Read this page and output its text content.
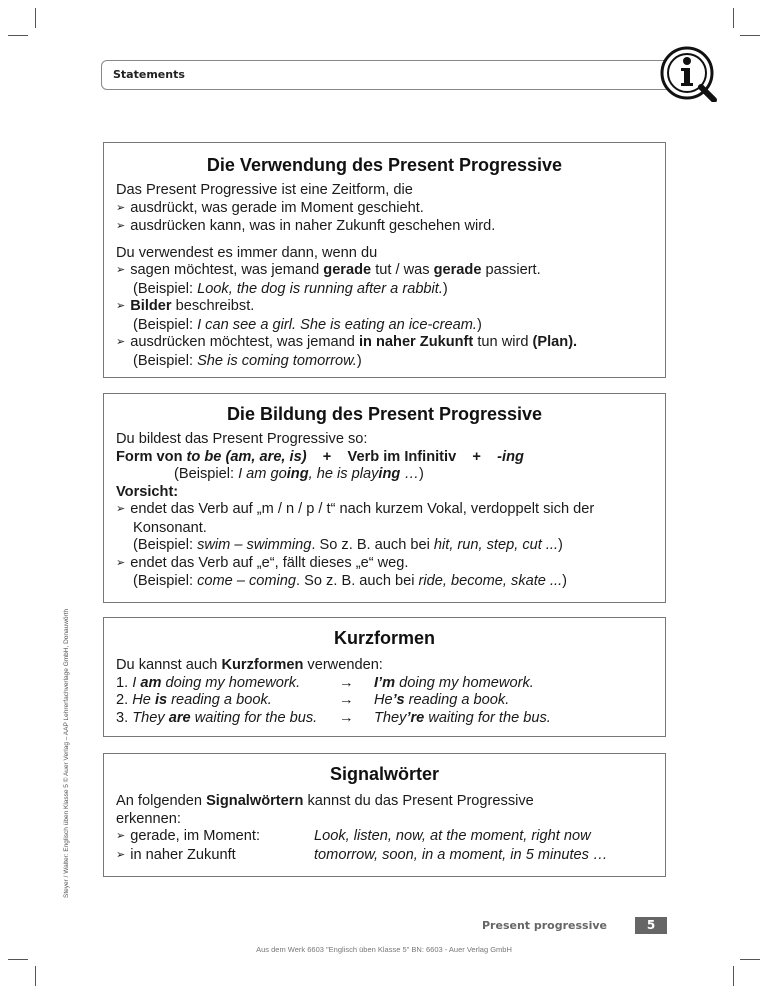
Statements
Die Verwendung des Present Progressive
Das Present Progressive ist eine Zeitform, die
➢ ausdrückt, was gerade im Moment geschieht.
➢ ausdrücken kann, was in naher Zukunft geschehen wird.
Du verwendest es immer dann, wenn du
➢ sagen möchtest, was jemand gerade tut / was gerade passiert.
(Beispiel: Look, the dog is running after a rabbit.)
➢ Bilder beschreibst.
(Beispiel: I can see a girl. She is eating an ice-cream.)
➢ ausdrücken möchtest, was jemand in naher Zukunft tun wird (Plan).
(Beispiel: She is coming tomorrow.)
Die Bildung des Present Progressive
Du bildest das Present Progressive so:
Form von to be (am, are, is)    +    Verb im Infinitiv    +    -ing
(Beispiel: I am going, he is playing …)
Vorsicht:
➢ endet das Verb auf „m / n / p / t“ nach kurzem Vokal, verdoppelt sich der
Konsonant.
(Beispiel: swim – swimming. So z. B. auch bei hit, run, step, cut ...)
➢ endet das Verb auf „e“, fällt dieses „e“ weg.
(Beispiel: come – coming. So z. B. auch bei ride, become, skate ...)
Kurzformen
Du kannst auch Kurzformen verwenden:
1. I am doing my homework.	→	I’m doing my homework.
2. He is reading a book.	→	He’s reading a book.
3. They are waiting for the bus.	→	They’re waiting for the bus.
Signalwörter
An folgenden Signalwörtern kannst du das Present Progressive
erkennen:
➢ gerade, im Moment:	Look, listen, now, at the moment, right now
➢ in naher Zukunft	tomorrow, soon, in a moment, in 5 minutes …
Steyer / Walter: Englisch üben Klasse 5 © Auer Verlag – AAP Lehrerfachverlage GmbH, Donauwörth
Present progressive	5
Aus dem Werk 6603 "Englisch üben Klasse 5" BN: 6603 - Auer Verlag GmbH
